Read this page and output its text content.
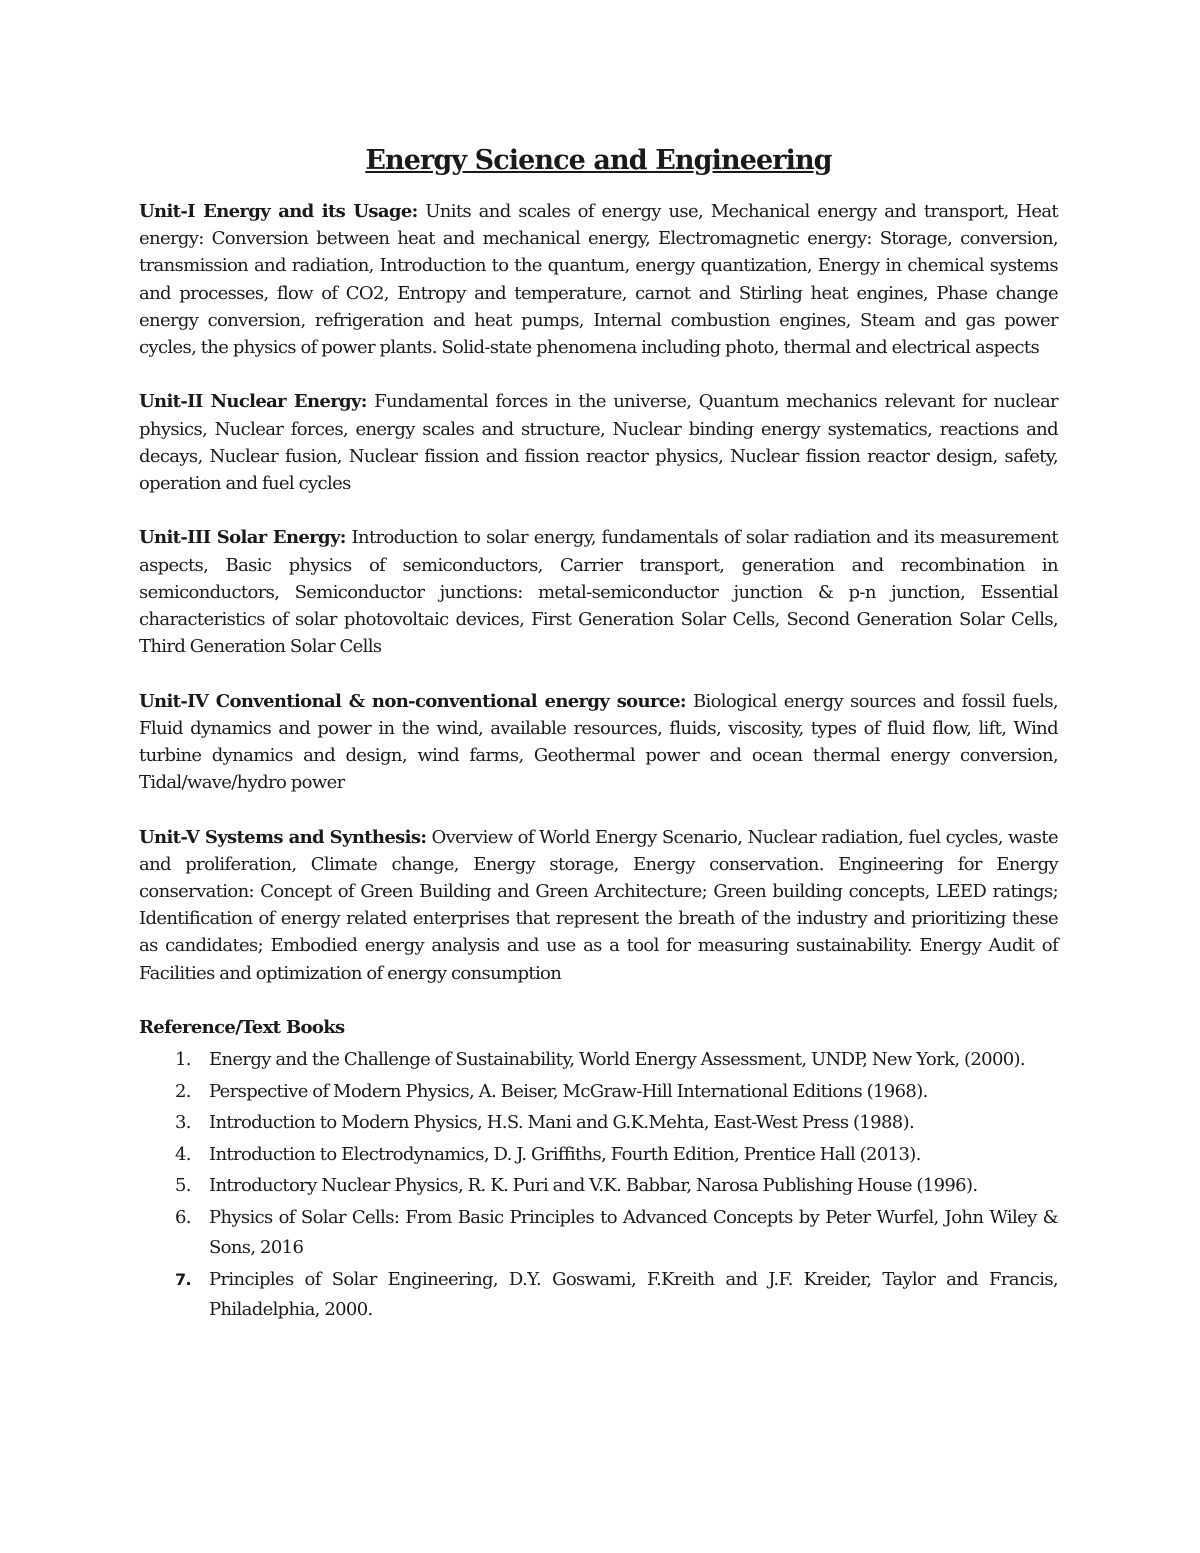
Energy Science and Engineering

Unit-I Energy and its Usage: Units and scales of energy use, Mechanical energy and transport, Heat energy: Conversion between heat and mechanical energy, Electromagnetic energy: Storage, conversion, transmission and radiation, Introduction to the quantum, energy quantization, Energy in chemical systems and processes, flow of CO2, Entropy and temperature, carnot and Stirling heat engines, Phase change energy conversion, refrigeration and heat pumps, Internal combustion engines, Steam and gas power cycles, the physics of power plants. Solid-state phenomena including photo, thermal and electrical aspects

Unit-II Nuclear Energy: Fundamental forces in the universe, Quantum mechanics relevant for nuclear physics, Nuclear forces, energy scales and structure, Nuclear binding energy systematics, reactions and decays, Nuclear fusion, Nuclear fission and fission reactor physics, Nuclear fission reactor design, safety, operation and fuel cycles

Unit-III Solar Energy: Introduction to solar energy, fundamentals of solar radiation and its measurement aspects, Basic physics of semiconductors, Carrier transport, generation and recombination in semiconductors, Semiconductor junctions: metal-semiconductor junction & p-n junction, Essential characteristics of solar photovoltaic devices, First Generation Solar Cells, Second Generation Solar Cells, Third Generation Solar Cells

Unit-IV Conventional & non-conventional energy source: Biological energy sources and fossil fuels, Fluid dynamics and power in the wind, available resources, fluids, viscosity, types of fluid flow, lift, Wind turbine dynamics and design, wind farms, Geothermal power and ocean thermal energy conversion, Tidal/wave/hydro power

Unit-V Systems and Synthesis: Overview of World Energy Scenario, Nuclear radiation, fuel cycles, waste and proliferation, Climate change, Energy storage, Energy conservation. Engineering for Energy conservation: Concept of Green Building and Green Architecture; Green building concepts, LEED ratings; Identification of energy related enterprises that represent the breath of the industry and prioritizing these as candidates; Embodied energy analysis and use as a tool for measuring sustainability. Energy Audit of Facilities and optimization of energy consumption

Reference/Text Books
1. Energy and the Challenge of Sustainability, World Energy Assessment, UNDP, New York, (2000).
2. Perspective of Modern Physics, A. Beiser, McGraw-Hill International Editions (1968).
3. Introduction to Modern Physics, H.S. Mani and G.K.Mehta, East-West Press (1988).
4. Introduction to Electrodynamics, D. J. Griffiths, Fourth Edition, Prentice Hall (2013).
5. Introductory Nuclear Physics, R. K. Puri and V.K. Babbar, Narosa Publishing House (1996).
6. Physics of Solar Cells: From Basic Principles to Advanced Concepts by Peter Wurfel, John Wiley & Sons, 2016
7. Principles of Solar Engineering, D.Y. Goswami, F.Kreith and J.F. Kreider, Taylor and Francis, Philadelphia, 2000.
